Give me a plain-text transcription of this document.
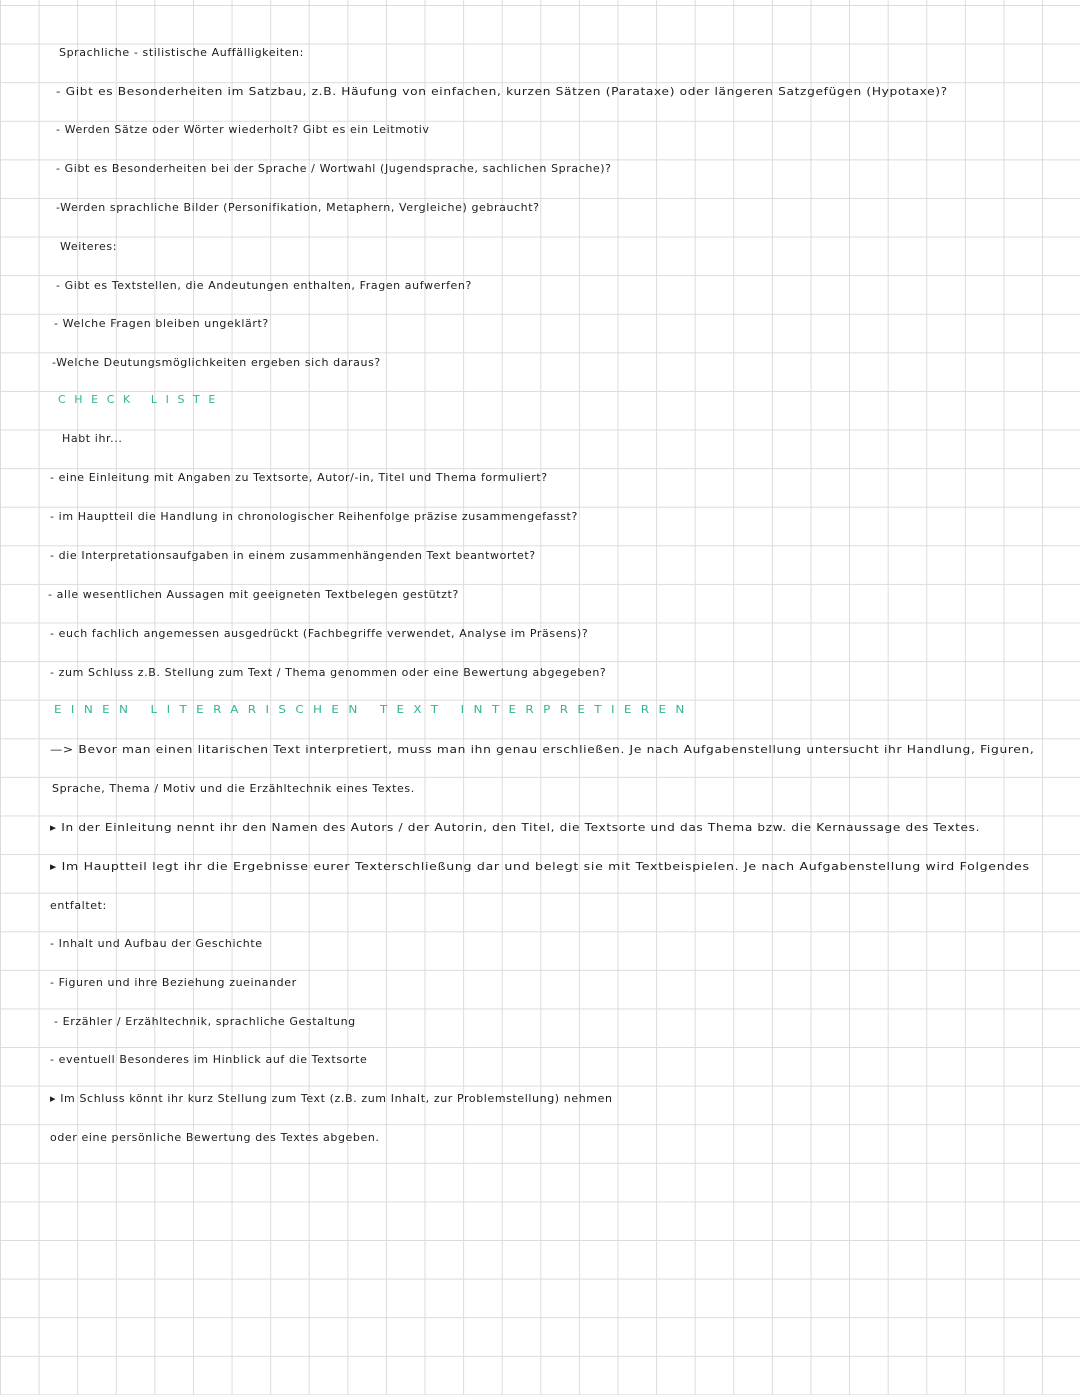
Sprachliche - stilistische Auffälligkeiten:
- Gibt es Besonderheiten im Satzbau, z.B. Häufung von einfachen, kurzen Sätzen (Parataxe) oder längeren Satzgefügen (Hypotaxe)?
- Werden Sätze oder Wörter wiederholt? Gibt es ein Leitmotiv
- Gibt es Besonderheiten bei der Sprache / Wortwahl (Jugendsprache, sachlichen Sprache)?
-Werden sprachliche Bilder (Personifikation, Metaphern, Vergleiche) gebraucht?
Weiteres:
- Gibt es Textstellen, die Andeutungen enthalten, Fragen aufwerfen?
- Welche Fragen bleiben ungeklärt?
-Welche Deutungsmöglichkeiten ergeben sich daraus?
CHECK LISTE
Habt ihr...
- eine Einleitung mit Angaben zu Textsorte, Autor/-in, Titel und Thema formuliert?
- im Hauptteil die Handlung in chronologischer Reihenfolge präzise zusammengefasst?
- die Interpretationsaufgaben in einem zusammenhängenden Text beantwortet?
- alle wesentlichen Aussagen mit geeigneten Textbelegen gestützt?
- euch fachlich angemessen ausgedrückt (Fachbegriffe verwendet, Analyse im Präsens)?
- zum Schluss z.B. Stellung zum Text / Thema genommen oder eine Bewertung abgegeben?
EINEN LITERARISCHEN TEXT INTERPRETIEREN
—> Bevor man einen litarischen Text interpretiert, muss man ihn genau erschließen. Je nach Aufgabenstellung untersucht ihr Handlung, Figuren,
Sprache, Thema / Motiv und die Erzähltechnik eines Textes.
▸ In der Einleitung nennt ihr den Namen des Autors / der Autorin, den Titel, die Textsorte und das Thema bzw. die Kernaussage des Textes.
▸ Im Hauptteil legt ihr die Ergebnisse eurer Texterschließung dar und belegt sie mit Textbeispielen. Je nach Aufgabenstellung wird Folgendes
entfaltet:
- Inhalt und Aufbau der Geschichte
- Figuren und ihre Beziehung zueinander
- Erzähler / Erzähltechnik, sprachliche Gestaltung
- eventuell Besonderes im Hinblick auf die Textsorte
▸ Im Schluss könnt ihr kurz Stellung zum Text (z.B. zum Inhalt, zur Problemstellung) nehmen
oder eine persönliche Bewertung des Textes abgeben.
